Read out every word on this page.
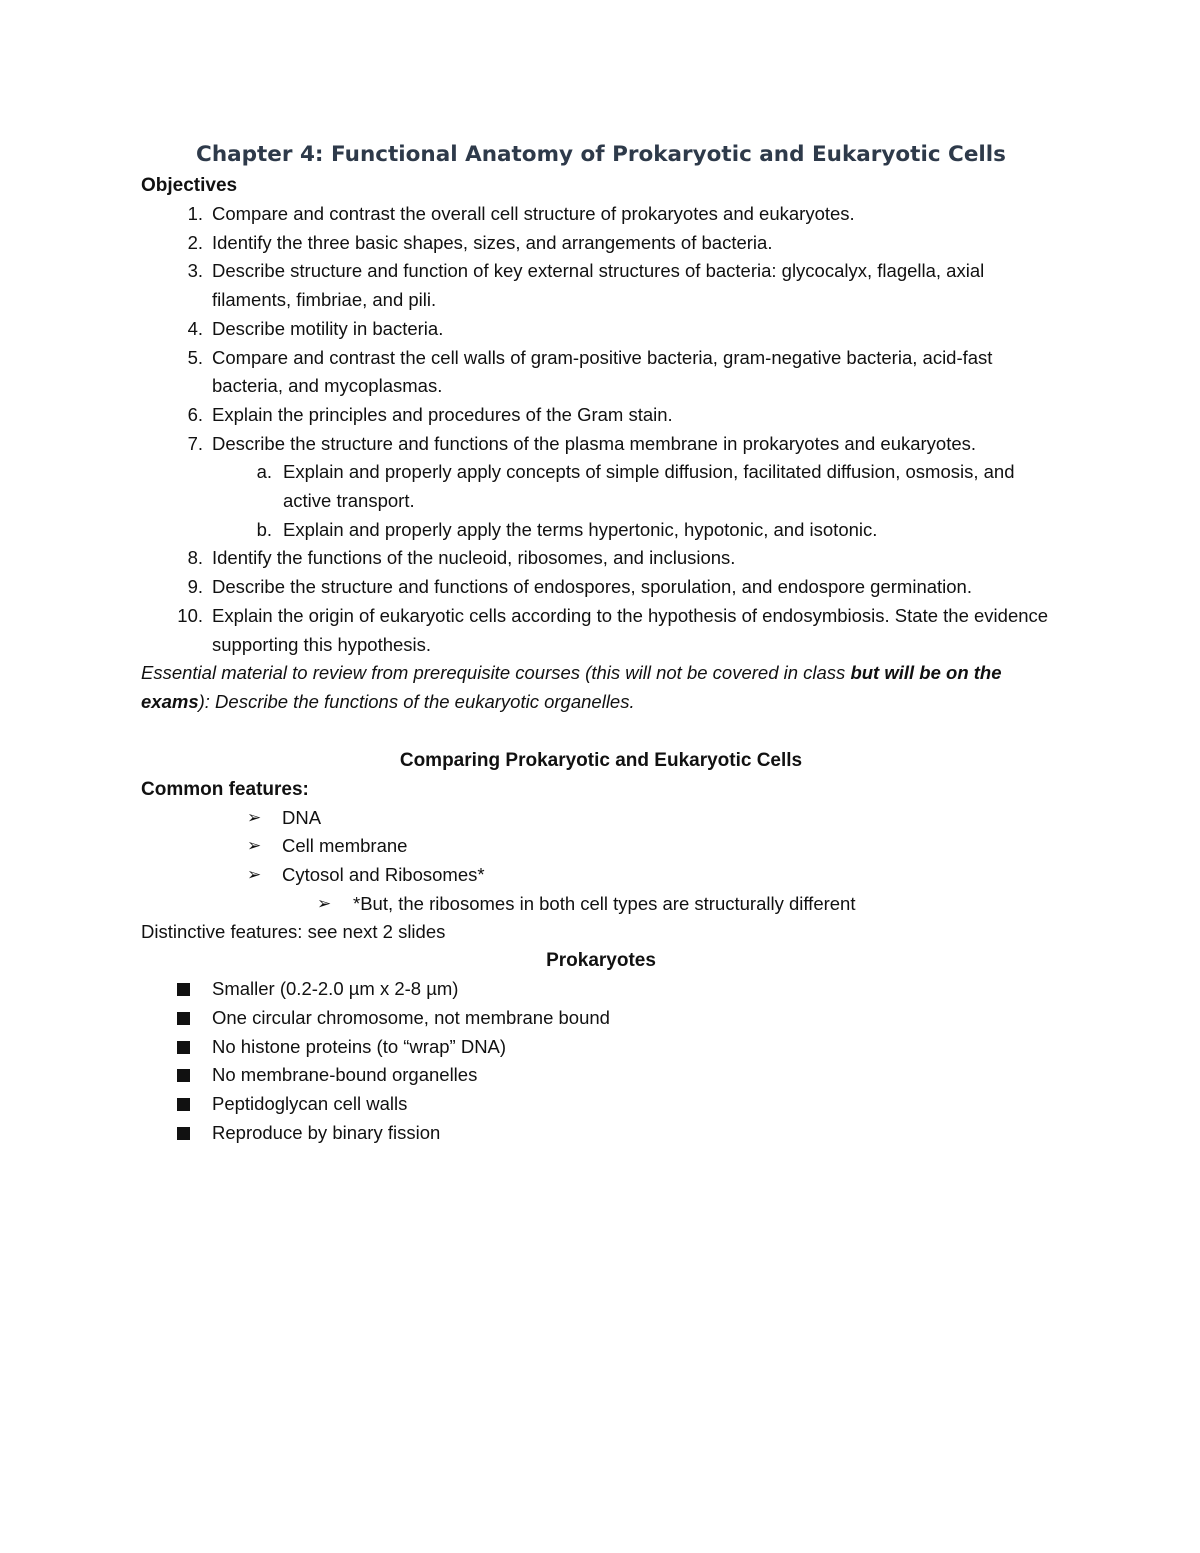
Chapter 4: Functional Anatomy of Prokaryotic and Eukaryotic Cells
Objectives
1. Compare and contrast the overall cell structure of prokaryotes and eukaryotes.
2. Identify the three basic shapes, sizes, and arrangements of bacteria.
3. Describe structure and function of key external structures of bacteria: glycocalyx, flagella, axial filaments, fimbriae, and pili.
4. Describe motility in bacteria.
5. Compare and contrast the cell walls of gram-positive bacteria, gram-negative bacteria, acid-fast bacteria, and mycoplasmas.
6. Explain the principles and procedures of the Gram stain.
7. Describe the structure and functions of the plasma membrane in prokaryotes and eukaryotes.
a. Explain and properly apply concepts of simple diffusion, facilitated diffusion, osmosis, and active transport.
b. Explain and properly apply the terms hypertonic, hypotonic, and isotonic.
8. Identify the functions of the nucleoid, ribosomes, and inclusions.
9. Describe the structure and functions of endospores, sporulation, and endospore germination.
10. Explain the origin of eukaryotic cells according to the hypothesis of endosymbiosis. State the evidence supporting this hypothesis.

Essential material to review from prerequisite courses (this will not be covered in class but will be on the exams): Describe the functions of the eukaryotic organelles.

Comparing Prokaryotic and Eukaryotic Cells
Common features:
➢ DNA
➢ Cell membrane
➢ Cytosol and Ribosomes*
➢ *But, the ribosomes in both cell types are structurally different

Distinctive features: see next 2 slides

Prokaryotes
Smaller (0.2-2.0 µm x 2-8 µm)
One circular chromosome, not membrane bound
No histone proteins (to “wrap” DNA)
No membrane-bound organelles
Peptidoglycan cell walls
Reproduce by binary fission
